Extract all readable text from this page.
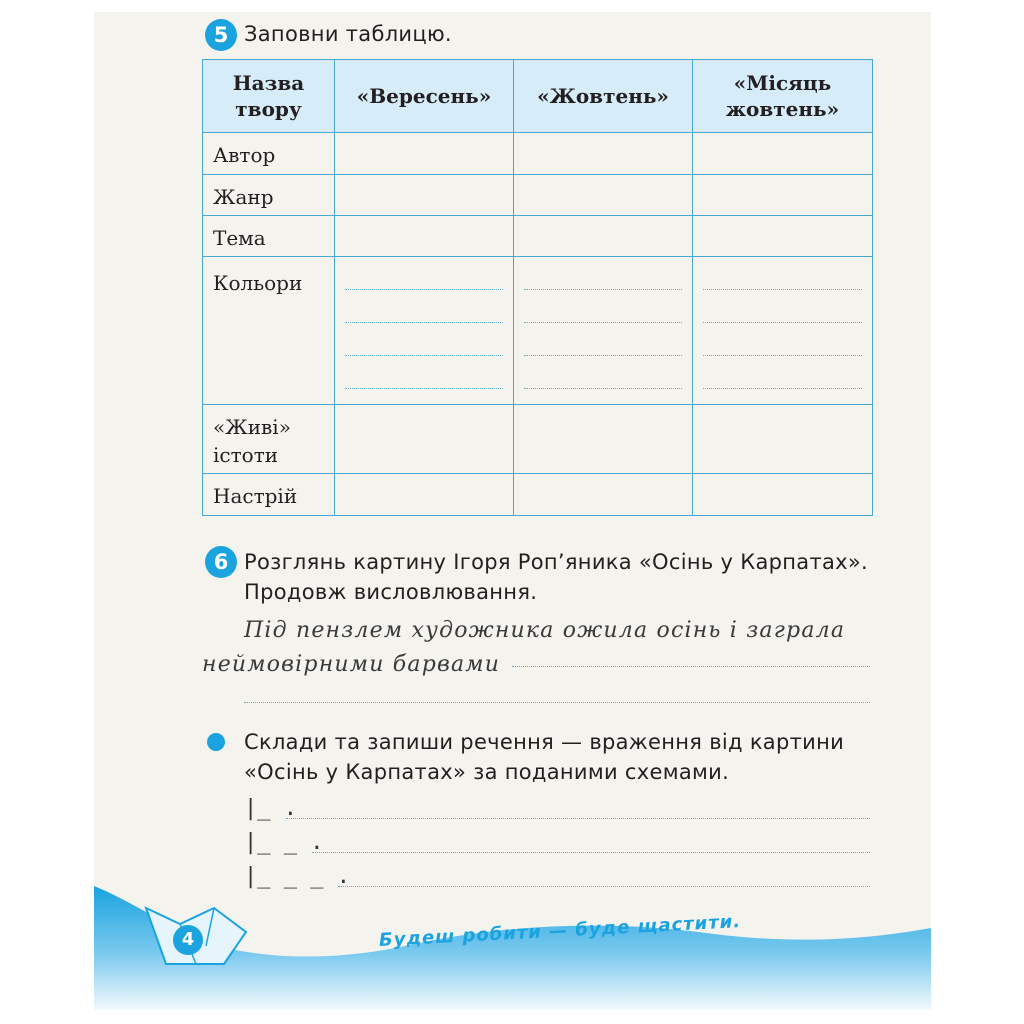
5 Заповни таблицю.
Назва твору	«Вересень»	«Жовтень»	«Місяць жовтень»
Автор			
Жанр			
Тема			
Кольори	

«Живі» істоти			
Настрій			
6 Розглянь картину Ігоря Роп’яника «Осінь у Карпатах».
Продовж висловлювання.
Під пензлем художника ожила осінь і заграла
неймовірними барвами
Склади та запиши речення — враження від картини
«Осінь у Карпатах» за поданими схемами.
|_ .
|_ _ .
|_ _ _ .
4	Будеш робити — буде щастити.
